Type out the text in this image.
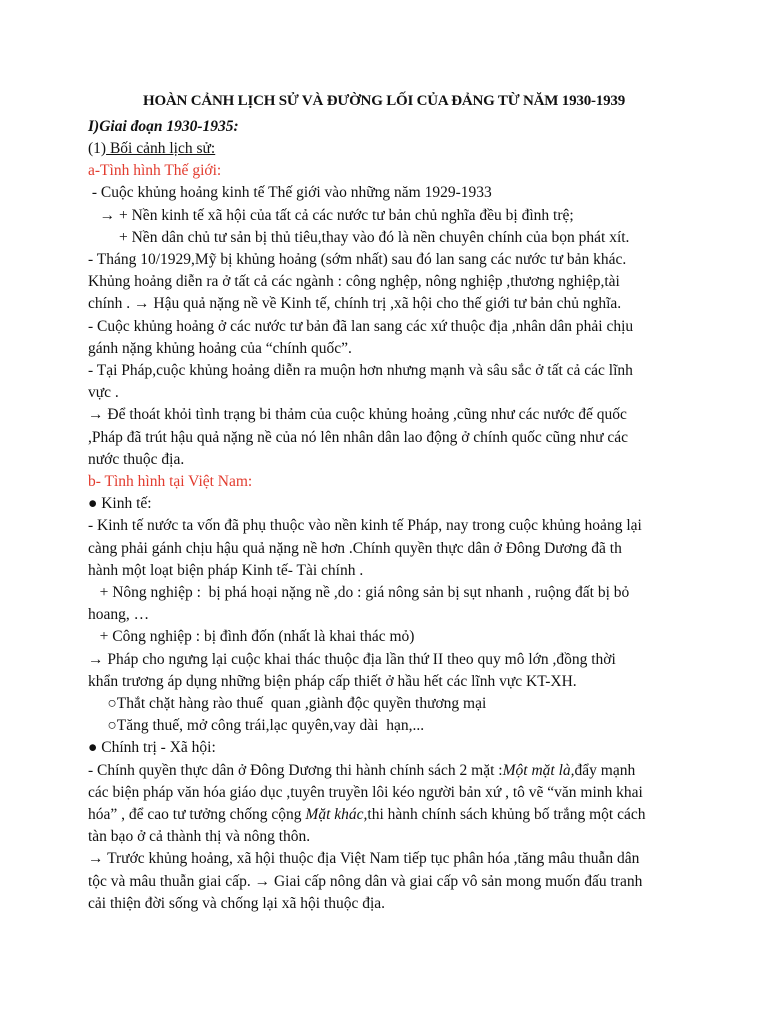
HOÀN CẢNH LỊCH SỬ VÀ ĐƯỜNG LỐI CỦA ĐẢNG TỪ NĂM 1930-1939
I)Giai đoạn 1930-1935:
(1) Bối cảnh lịch sử:
a-Tình hình Thế giới:
- Cuộc khủng hoảng kinh tế Thế giới vào những năm 1929-1933
→ + Nền kinh tế xã hội của tất cả các nước tư bản chủ nghĩa đều bị đình trệ;
+ Nền dân chủ tư sản bị thủ tiêu,thay vào đó là nền chuyên chính của bọn phát xít.
- Tháng 10/1929,Mỹ bị khủng hoảng (sớm nhất) sau đó lan sang các nước tư bản khác.
Khủng hoảng diễn ra ở tất cả các ngành : công nghệp, nông nghiệp ,thương nghiệp,tài
chính . → Hậu quả nặng nề về Kinh tế, chính trị ,xã hội cho thế giới tư bản chủ nghĩa.
- Cuộc khủng hoảng ở các nước tư bản đã lan sang các xứ thuộc địa ,nhân dân phải chịu
gánh nặng khủng hoảng của “chính quốc”.
- Tại Pháp,cuộc khủng hoảng diễn ra muộn hơn nhưng mạnh và sâu sắc ở tất cả các lĩnh
vực .
→ Để thoát khỏi tình trạng bi thảm của cuộc khủng hoảng ,cũng như các nước đế quốc
,Pháp đã trút hậu quả nặng nề của nó lên nhân dân lao động ở chính quốc cũng như các
nước thuộc địa.
b- Tình hình tại Việt Nam:
● Kinh tế:
- Kinh tế nước ta vốn đã phụ thuộc vào nền kinh tế Pháp, nay trong cuộc khủng hoảng lại
càng phải gánh chịu hậu quả nặng nề hơn .Chính quyền thực dân ở Đông Dương đã th
hành một loạt biện pháp Kinh tế- Tài chính .
+ Nông nghiệp :  bị phá hoại nặng nề ,do : giá nông sản bị sụt nhanh , ruộng đất bị bỏ
hoang, …
+ Công nghiệp : bị đình đốn (nhất là khai thác mỏ)
→ Pháp cho ngưng lại cuộc khai thác thuộc địa lần thứ II theo quy mô lớn ,đồng thời
khẩn trương áp dụng những biện pháp cấp thiết ở hầu hết các lĩnh vực KT-XH.
○Thắt chặt hàng rào thuế  quan ,giành độc quyền thương mại
○Tăng thuế, mở công trái,lạc quyên,vay dài  hạn,...
● Chính trị - Xã hội:
- Chính quyền thực dân ở Đông Dương thi hành chính sách 2 mặt :Một mặt là,đẩy mạnh
các biện pháp văn hóa giáo dục ,tuyên truyền lôi kéo người bản xứ , tô vẽ “văn minh khai
hóa” , để cao tư tưởng chống cộng Mặt khác,thi hành chính sách khủng bố trắng một cách
tàn bạo ở cả thành thị và nông thôn.
→ Trước khủng hoảng, xã hội thuộc địa Việt Nam tiếp tục phân hóa ,tăng mâu thuẫn dân
tộc và mâu thuẫn giai cấp. → Giai cấp nông dân và giai cấp vô sản mong muốn đấu tranh
cải thiện đời sống và chống lại xã hội thuộc địa.
